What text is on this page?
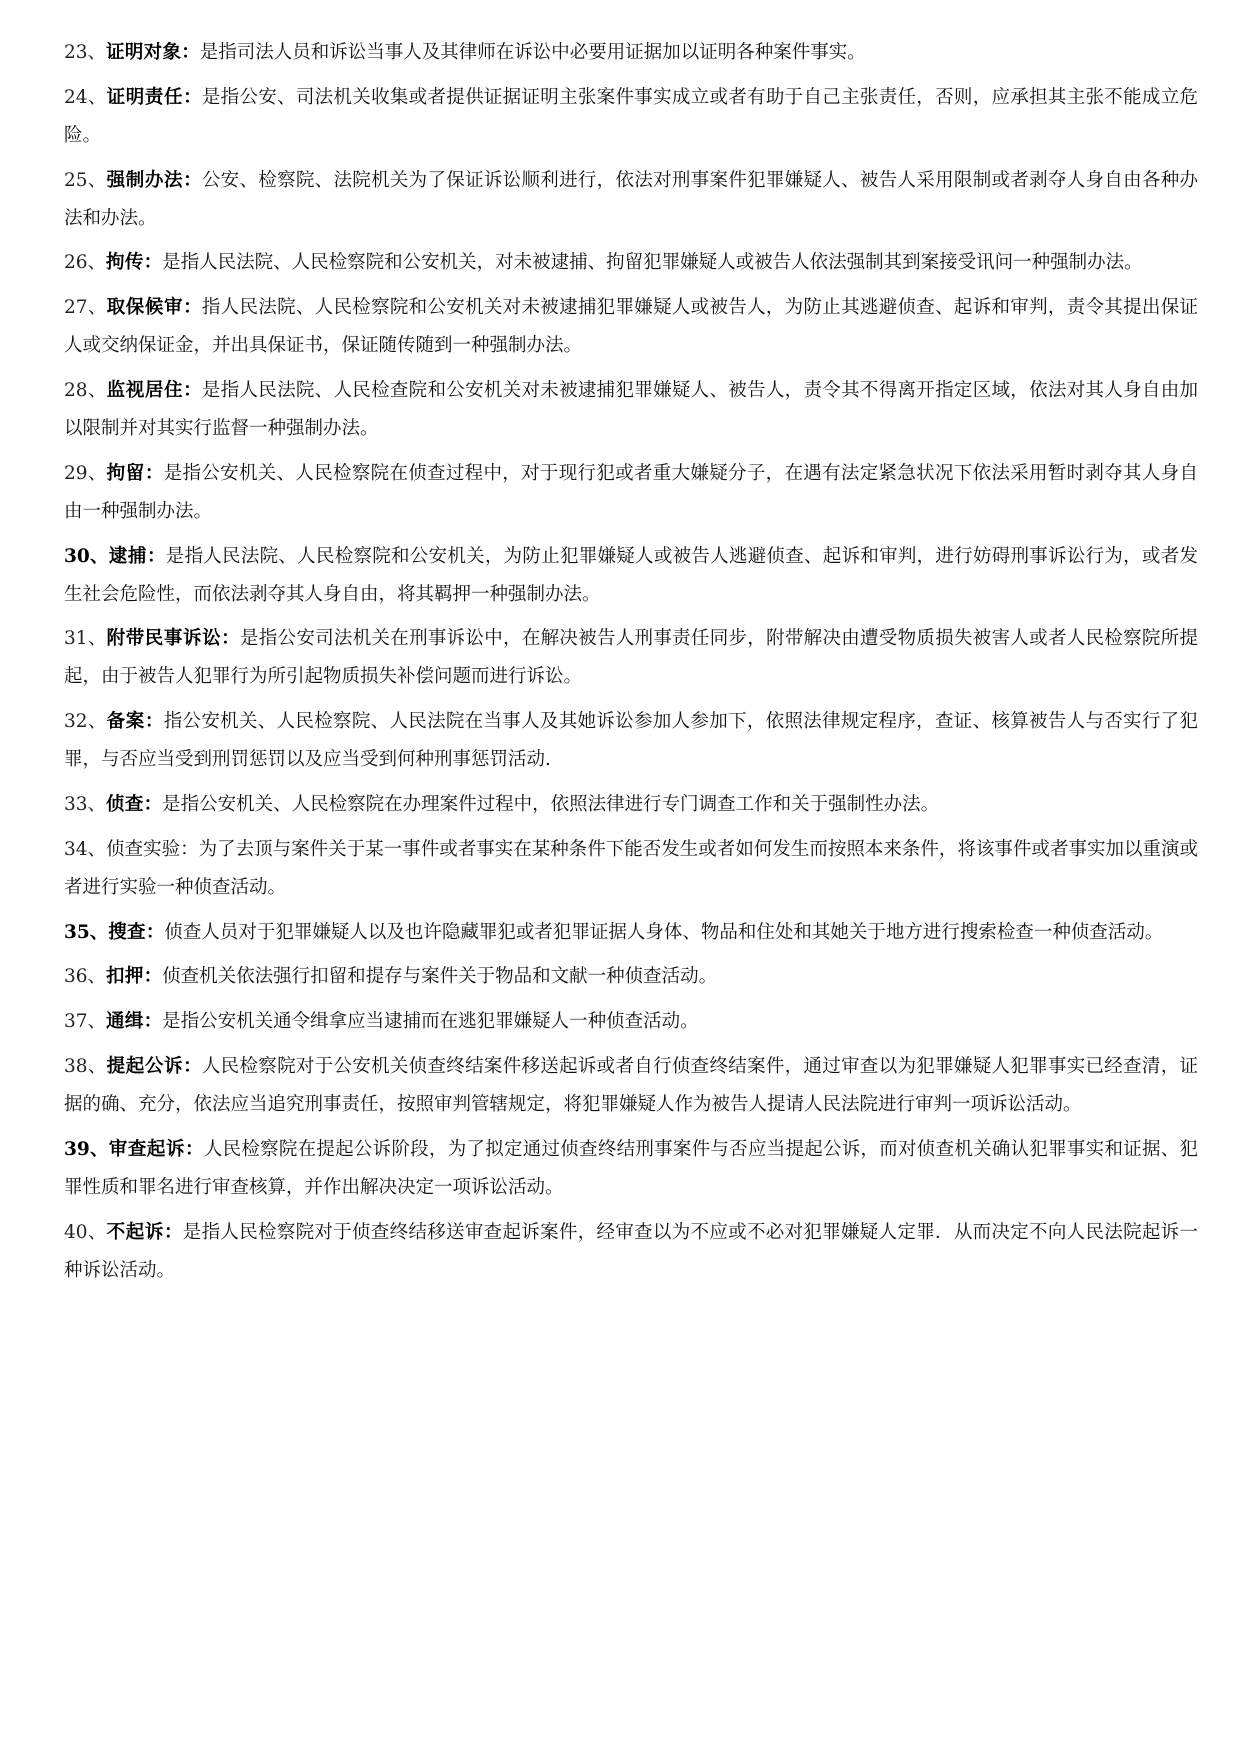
23、证明对象：是指司法人员和诉讼当事人及其律师在诉讼中必要用证据加以证明各种案件事实。

24、证明责任：是指公安、司法机关收集或者提供证据证明主张案件事实成立或者有助于自己主张责任，否则，应承担其主张不能成立危险。

25、强制办法：公安、检察院、法院机关为了保证诉讼顺利进行，依法对刑事案件犯罪嫌疑人、被告人采用限制或者剥夺人身自由各种办法和办法。

26、拘传：是指人民法院、人民检察院和公安机关，对未被逮捕、拘留犯罪嫌疑人或被告人依法强制其到案接受讯问一种强制办法。

27、取保候审：指人民法院、人民检察院和公安机关对未被逮捕犯罪嫌疑人或被告人，为防止其逃避侦查、起诉和审判，责令其提出保证人或交纳保证金，并出具保证书，保证随传随到一种强制办法。

28、监视居住：是指人民法院、人民检查院和公安机关对未被逮捕犯罪嫌疑人、被告人，责令其不得离开指定区域，依法对其人身自由加以限制并对其实行监督一种强制办法。

29、拘留：是指公安机关、人民检察院在侦查过程中，对于现行犯或者重大嫌疑分子，在遇有法定紧急状况下依法采用暂时剥夺其人身自由一种强制办法。

30、逮捕：是指人民法院、人民检察院和公安机关，为防止犯罪嫌疑人或被告人逃避侦查、起诉和审判，进行妨碍刑事诉讼行为，或者发生社会危险性，而依法剥夺其人身自由，将其羁押一种强制办法。

31、附带民事诉讼：是指公安司法机关在刑事诉讼中，在解决被告人刑事责任同步，附带解决由遭受物质损失被害人或者人民检察院所提起，由于被告人犯罪行为所引起物质损失补偿问题而进行诉讼。

32、备案：指公安机关、人民检察院、人民法院在当事人及其她诉讼参加人参加下，依照法律规定程序，查证、核算被告人与否实行了犯罪，与否应当受到刑罚惩罚以及应当受到何种刑事惩罚活动.

33、侦查：是指公安机关、人民检察院在办理案件过程中，依照法律进行专门调查工作和关于强制性办法。

34、侦查实验：为了去顶与案件关于某一事件或者事实在某种条件下能否发生或者如何发生而按照本来条件，将该事件或者事实加以重演或者进行实验一种侦查活动。

35、搜查：侦查人员对于犯罪嫌疑人以及也许隐藏罪犯或者犯罪证据人身体、物品和住处和其她关于地方进行搜索检查一种侦查活动。

36、扣押：侦查机关依法强行扣留和提存与案件关于物品和文献一种侦查活动。

37、通缉：是指公安机关通令缉拿应当逮捕而在逃犯罪嫌疑人一种侦查活动。

38、提起公诉：人民检察院对于公安机关侦查终结案件移送起诉或者自行侦查终结案件，通过审查以为犯罪嫌疑人犯罪事实已经查清，证据的确、充分，依法应当追究刑事责任，按照审判管辖规定，将犯罪嫌疑人作为被告人提请人民法院进行审判一项诉讼活动。

39、审查起诉：人民检察院在提起公诉阶段，为了拟定通过侦查终结刑事案件与否应当提起公诉，而对侦查机关确认犯罪事实和证据、犯罪性质和罪名进行审查核算，并作出解决决定一项诉讼活动。

40、不起诉：是指人民检察院对于侦查终结移送审查起诉案件，经审查以为不应或不必对犯罪嫌疑人定罪．从而决定不向人民法院起诉一种诉讼活动。
